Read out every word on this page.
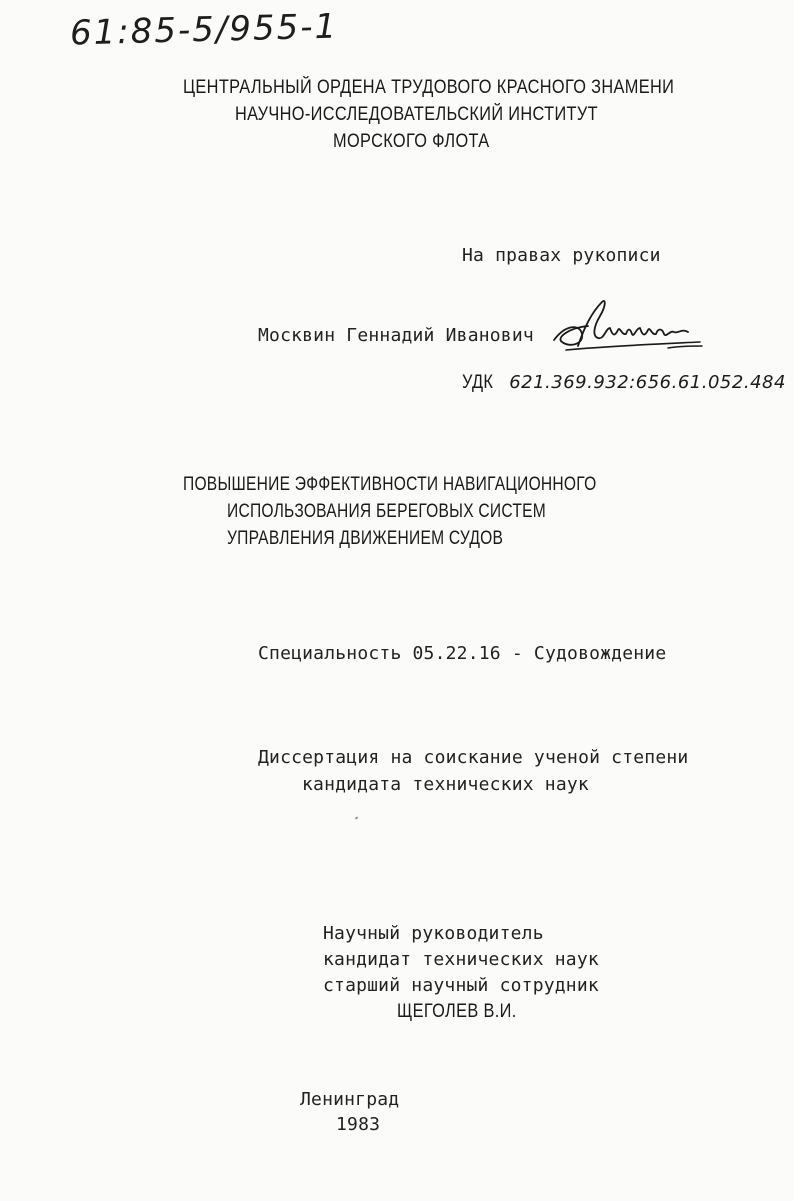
61:85-5/955-1
ЦЕНТРАЛЬНЫЙ ОРДЕНА ТРУДОВОГО КРАСНОГО ЗНАМЕНИ
НАУЧНО-ИССЛЕДОВАТЕЛЬСКИЙ ИНСТИТУТ
МОРСКОГО ФЛОТА
На правах рукописи
Москвин Геннадий Иванович
УДК 621.369.932:656.61.052.484
ПОВЫШЕНИЕ ЭФФЕКТИВНОСТИ НАВИГАЦИОННОГО
ИСПОЛЬЗОВАНИЯ БЕРЕГОВЫХ СИСТЕМ
УПРАВЛЕНИЯ ДВИЖЕНИЕМ СУДОВ
Специальность 05.22.16 - Судовождение
Диссертация на соискание ученой степени
кандидата технических наук
Научный руководитель
кандидат технических наук
старший научный сотрудник
ЩЕГОЛЕВ В.И.
Ленинград
1983
